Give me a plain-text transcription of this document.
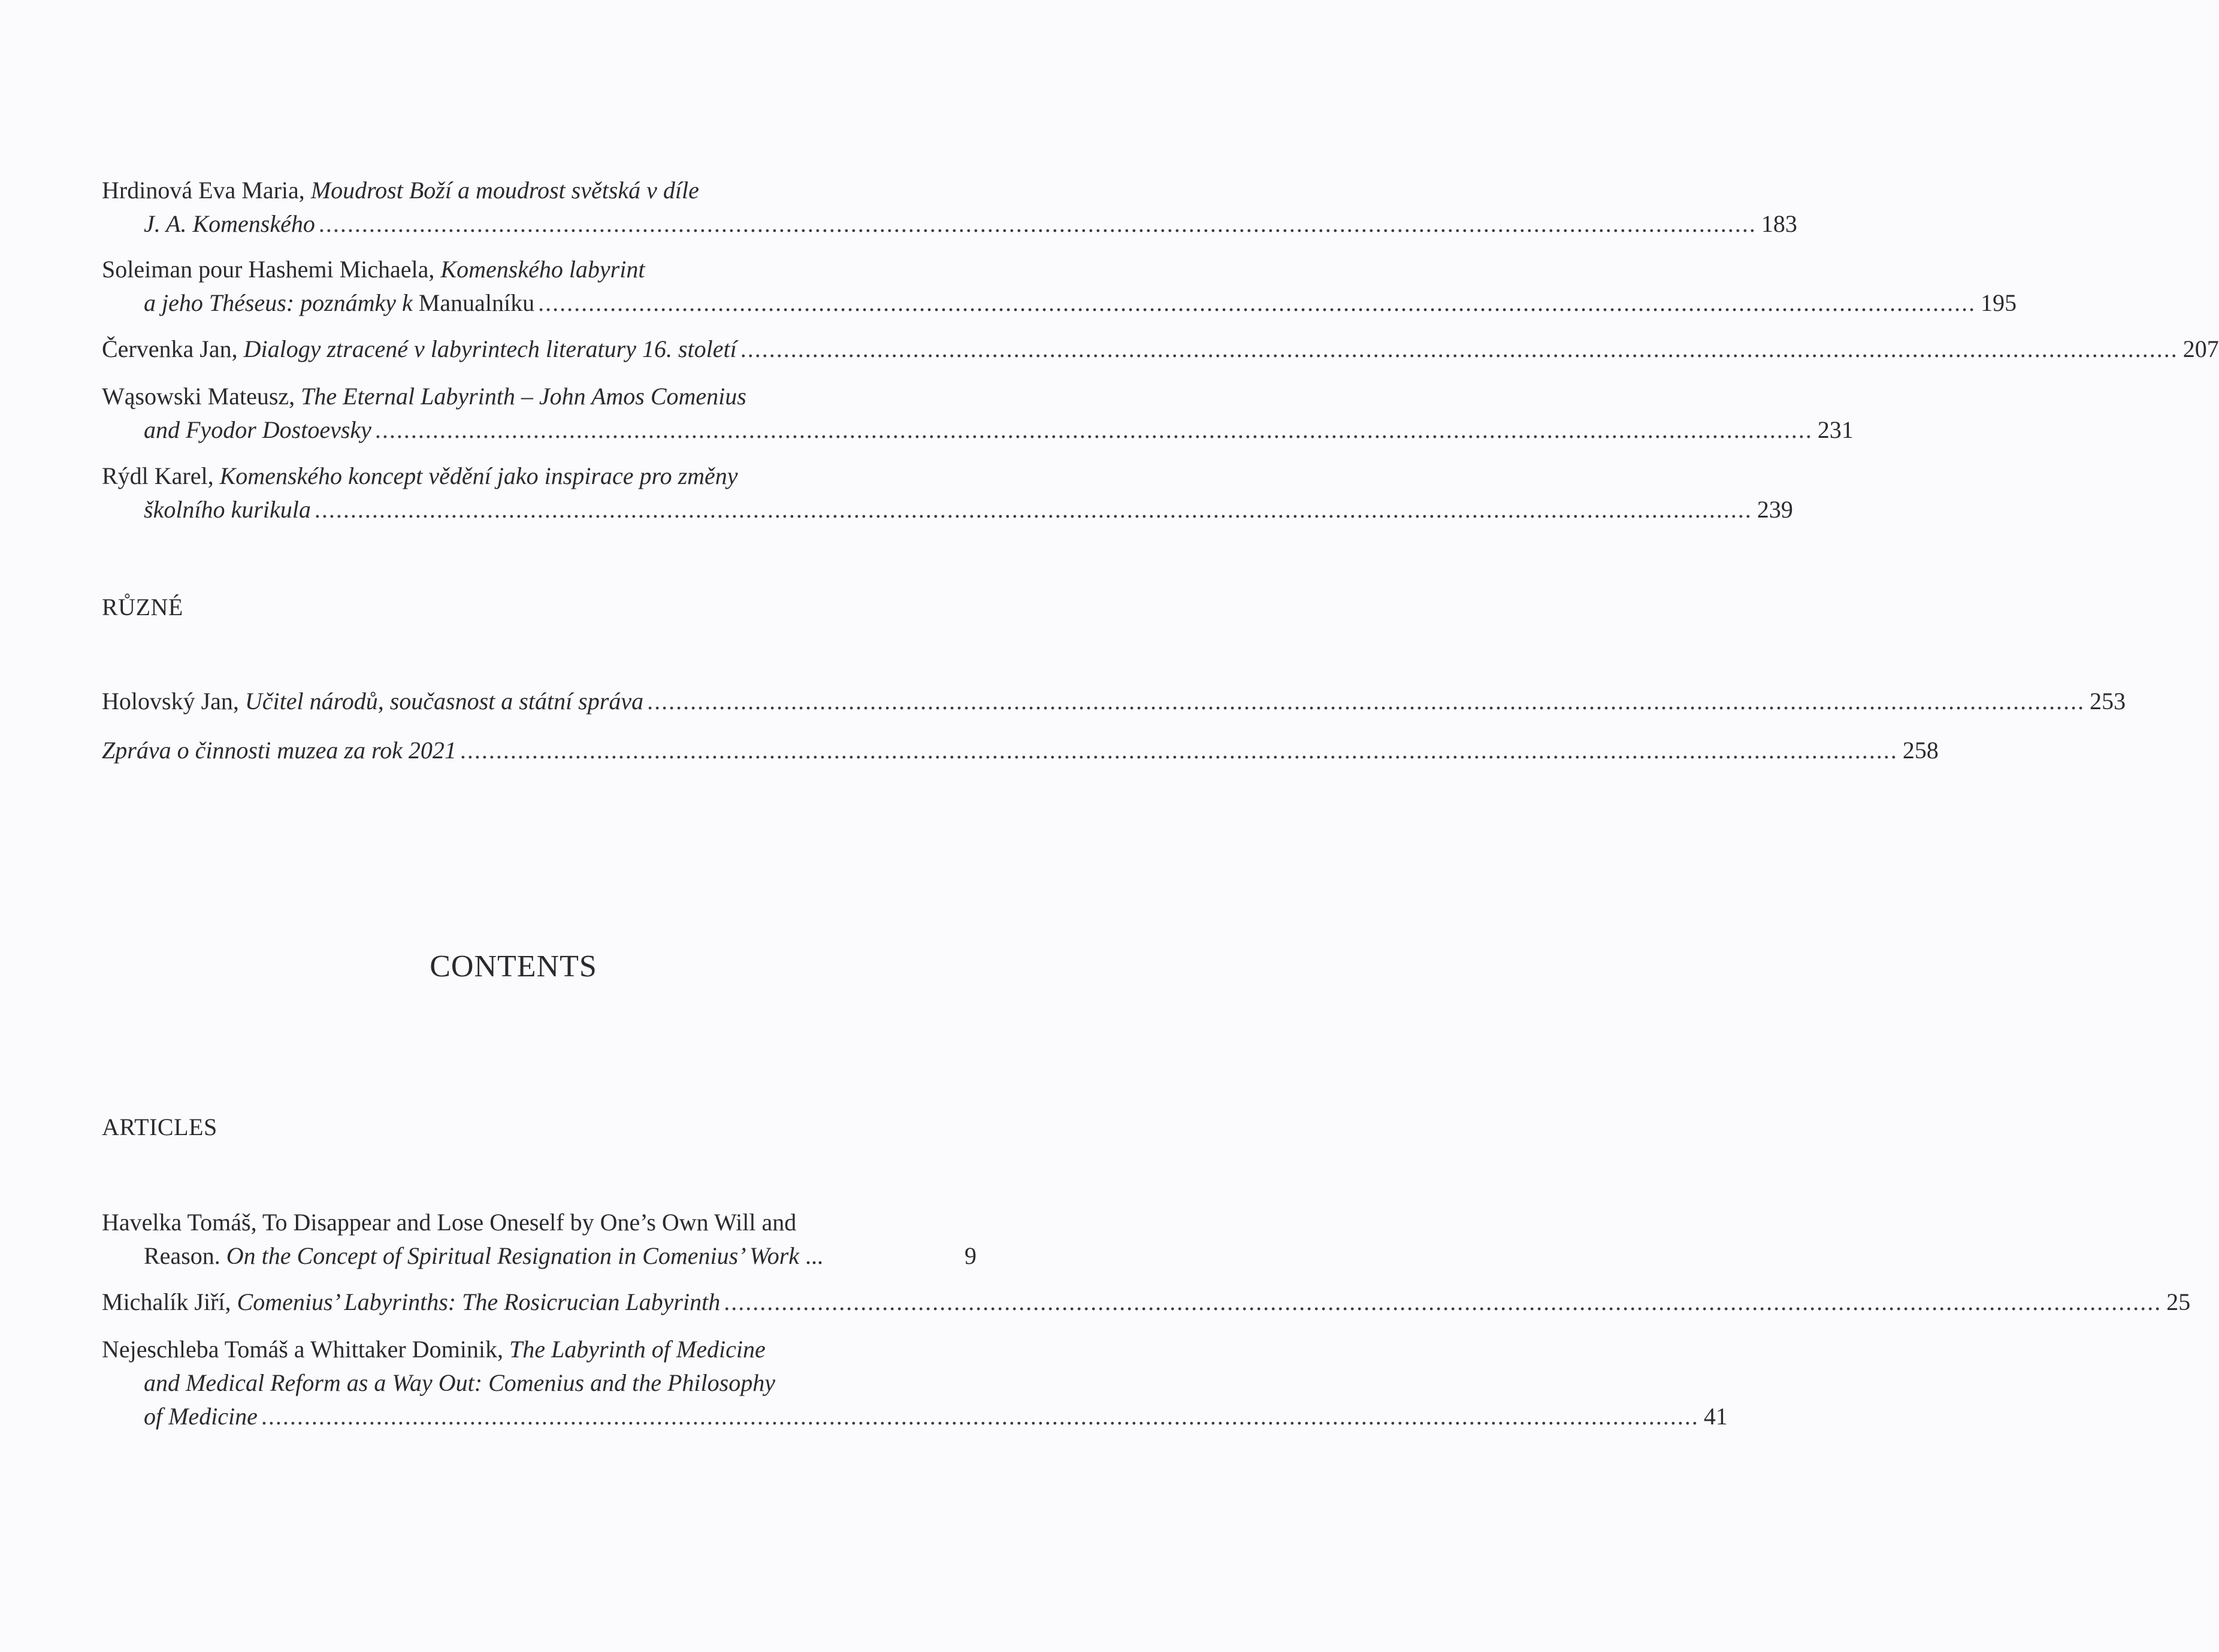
Hrdinová Eva Maria,
Moudrost Boží a moudrost světská v díle
J. A. Komenského ........................................................................................................................................................................................................ 183
Soleiman pour Hashemi Michaela,
Komenského labyrint
a jeho Théseus: poznámky k
Manualníku ........................................................................................................................................................................................................ 195
Červenka Jan,
Dialogy ztracené v labyrintech literatury 16. století ........................................................................................................................................................................................................ 207
Wąsowski Mateusz,
The Eternal Labyrinth – John Amos Comenius
and Fyodor Dostoevsky ........................................................................................................................................................................................................ 231
Rýdl Karel,
Komenského koncept vědění jako inspirace pro změny
školního kurikula ........................................................................................................................................................................................................ 239
RŮZNÉ
Holovský Jan,
Učitel národů, současnost a státní správa ........................................................................................................................................................................................................ 253
Zpráva o činnosti muzea za rok 2021 ........................................................................................................................................................................................................ 258
CONTENTS
ARTICLES
Havelka Tomáš, To Disappear and Lose Oneself by One’s Own Will and
Reason.
On the Concept of Spiritual Resignation in Comenius’ Work
...	9
Michalík Jiří,
Comenius’ Labyrinths: The Rosicrucian Labyrinth ........................................................................................................................................................................................................ 25
Nejeschleba Tomáš a Whittaker Dominik,
The Labyrinth of Medicine
and Medical Reform as a Way Out: Comenius and the Philosophy
of Medicine ........................................................................................................................................................................................................ 41
